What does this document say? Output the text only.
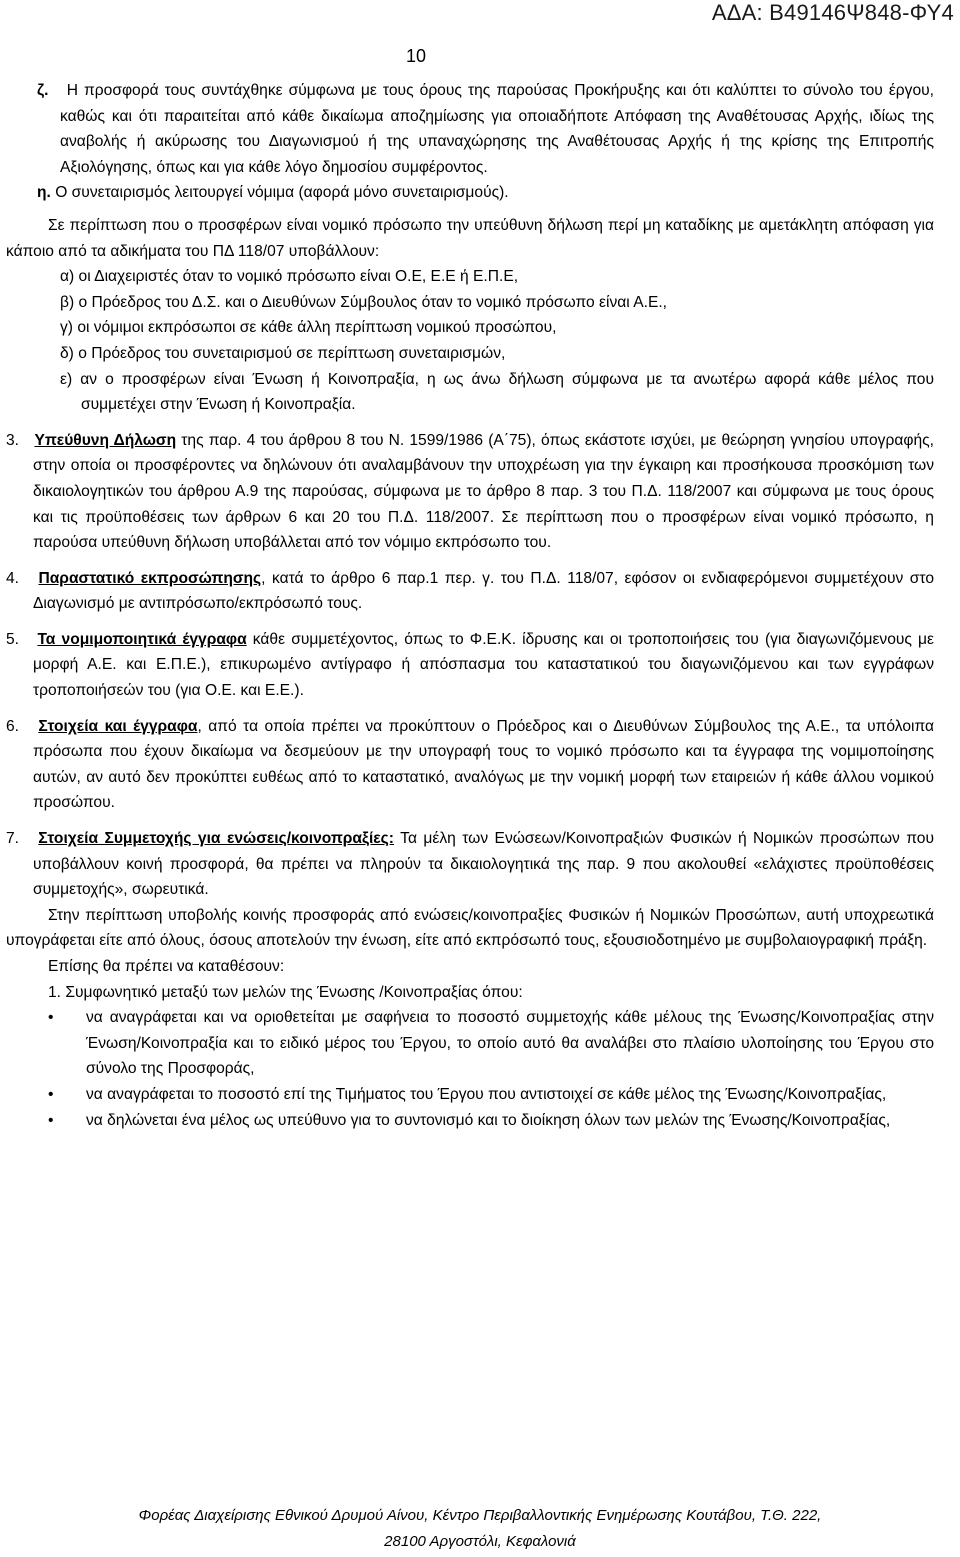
ΑΔΑ: Β49146Ψ848-ΦΥ4
10

ζ. Η προσφορά τους συντάχθηκε σύμφωνα με τους όρους της παρούσας Προκήρυξης και ότι καλύπτει το σύνολο του έργου, καθώς και ότι παραιτείται από κάθε δικαίωμα αποζημίωσης για οποιαδήποτε Απόφαση της Αναθέτουσας Αρχής, ιδίως της αναβολής ή ακύρωσης του Διαγωνισμού ή της υπαναχώρησης της Αναθέτουσας Αρχής ή της κρίσης της Επιτροπής Αξιολόγησης, όπως και για κάθε λόγο δημοσίου συμφέροντος.

η. Ο συνεταιρισμός λειτουργεί νόμιμα (αφορά μόνο συνεταιρισμούς).

Σε περίπτωση που ο προσφέρων είναι νομικό πρόσωπο την υπεύθυνη δήλωση περί μη καταδίκης με αμετάκλητη απόφαση για κάποιο από τα αδικήματα του ΠΔ 118/07 υποβάλλουν:

α) οι Διαχειριστές όταν το νομικό πρόσωπο είναι Ο.Ε, Ε.Ε ή Ε.Π.Ε,

β) ο Πρόεδρος του Δ.Σ. και ο Διευθύνων Σύμβουλος όταν το νομικό πρόσωπο είναι Α.Ε.,

γ) οι νόμιμοι εκπρόσωποι σε κάθε άλλη περίπτωση νομικού προσώπου,

δ) ο Πρόεδρος του συνεταιρισμού σε περίπτωση συνεταιρισμών,

ε) αν ο προσφέρων είναι Ένωση ή Κοινοπραξία, η ως άνω δήλωση σύμφωνα με τα ανωτέρω αφορά κάθε μέλος που συμμετέχει στην Ένωση ή Κοινοπραξία.

3. Υπεύθυνη Δήλωση της παρ. 4 του άρθρου 8 του Ν. 1599/1986 (Α΄75), όπως εκάστοτε ισχύει, με θεώρηση γνησίου υπογραφής, στην οποία οι προσφέροντες να δηλώνουν ότι αναλαμβάνουν την υποχρέωση για την έγκαιρη και προσήκουσα προσκόμιση των δικαιολογητικών του άρθρου Α.9 της παρούσας, σύμφωνα με το άρθρο 8 παρ. 3 του Π.Δ. 118/2007 και σύμφωνα με τους όρους και τις προϋποθέσεις των άρθρων 6 και 20 του Π.Δ. 118/2007. Σε περίπτωση που ο προσφέρων είναι νομικό πρόσωπο, η παρούσα υπεύθυνη δήλωση υποβάλλεται από τον νόμιμο εκπρόσωπο του.

4. Παραστατικό εκπροσώπησης, κατά το άρθρο 6 παρ.1 περ. γ. του Π.Δ. 118/07, εφόσον οι ενδιαφερόμενοι συμμετέχουν στο Διαγωνισμό με αντιπρόσωπο/εκπρόσωπό τους.

5. Τα νομιμοποιητικά έγγραφα κάθε συμμετέχοντος, όπως το Φ.Ε.Κ. ίδρυσης και οι τροποποιήσεις του (για διαγωνιζόμενους με μορφή Α.Ε. και Ε.Π.Ε.), επικυρωμένο αντίγραφο ή απόσπασμα του καταστατικού του διαγωνιζόμενου και των εγγράφων τροποποιήσεών του (για Ο.Ε. και Ε.Ε.).

6. Στοιχεία και έγγραφα, από τα οποία πρέπει να προκύπτουν ο Πρόεδρος και ο Διευθύνων Σύμβουλος της Α.Ε., τα υπόλοιπα πρόσωπα που έχουν δικαίωμα να δεσμεύουν με την υπογραφή τους το νομικό πρόσωπο και τα έγγραφα της νομιμοποίησης αυτών, αν αυτό δεν προκύπτει ευθέως από το καταστατικό, αναλόγως με την νομική μορφή των εταιρειών ή κάθε άλλου νομικού προσώπου.

7. Στοιχεία Συμμετοχής για ενώσεις/κοινοπραξίες: Τα μέλη των Ενώσεων/Κοινοπραξιών Φυσικών ή Νομικών προσώπων που υποβάλλουν κοινή προσφορά, θα πρέπει να πληρούν τα δικαιολογητικά της παρ. 9 που ακολουθεί «ελάχιστες προϋποθέσεις συμμετοχής», σωρευτικά.

Στην περίπτωση υποβολής κοινής προσφοράς από ενώσεις/κοινοπραξίες Φυσικών ή Νομικών Προσώπων, αυτή υποχρεωτικά υπογράφεται είτε από όλους, όσους αποτελούν την ένωση, είτε από εκπρόσωπό τους, εξουσιοδοτημένο με συμβολαιογραφική πράξη.

Επίσης θα πρέπει να καταθέσουν:

1. Συμφωνητικό μεταξύ των μελών της Ένωσης /Κοινοπραξίας όπου:

• να αναγράφεται και να οριοθετείται με σαφήνεια το ποσοστό συμμετοχής κάθε μέλους της Ένωσης/Κοινοπραξίας στην Ένωση/Κοινοπραξία και το ειδικό μέρος του Έργου, το οποίο αυτό θα αναλάβει στο πλαίσιο υλοποίησης του Έργου στο σύνολο της Προσφοράς,

• να αναγράφεται το ποσοστό επί της Τιμήματος του Έργου που αντιστοιχεί σε κάθε μέλος της Ένωσης/Κοινοπραξίας,

• να δηλώνεται ένα μέλος ως υπεύθυνο για το συντονισμό και το διοίκηση όλων των μελών της Ένωσης/Κοινοπραξίας,

Φορέας Διαχείρισης Εθνικού Δρυμού Αίνου, Κέντρο Περιβαλλοντικής Ενημέρωσης Κουτάβου, Τ.Θ. 222,
28100 Αργοστόλι, Κεφαλονιά
